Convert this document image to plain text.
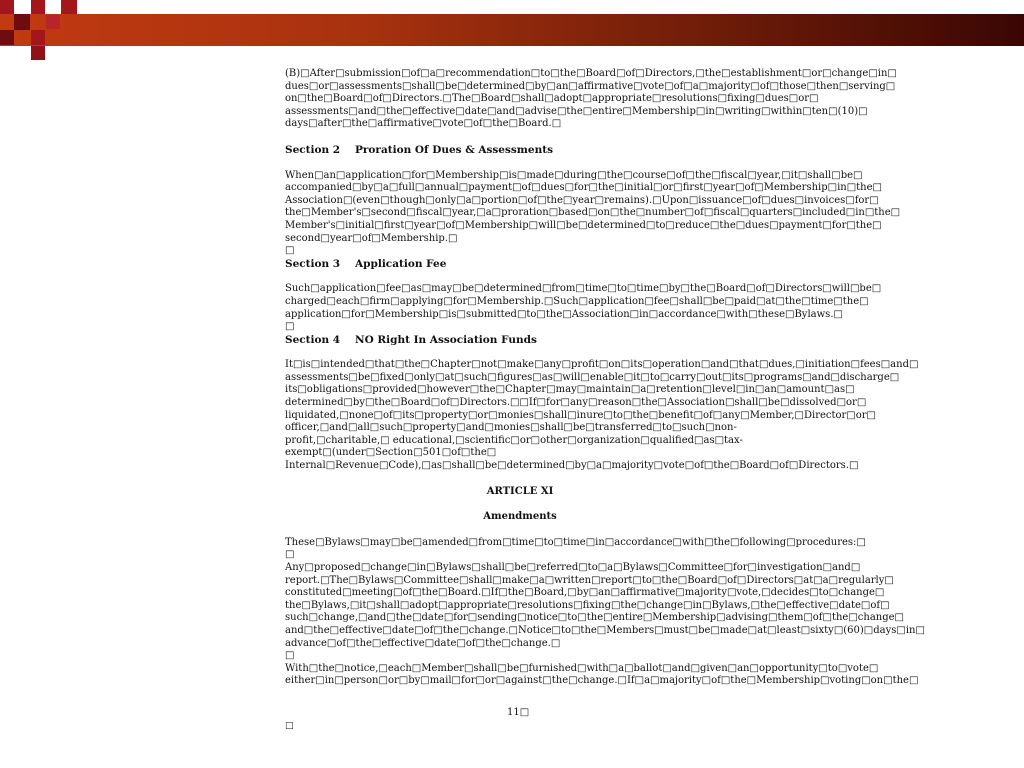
(B)□After□submission□of□a□recommendation□to□the□Board□of□Directors,□the□establishment□or□change□in□ dues□or□assessments□shall□be□determined□by□an□affirmative□vote□of□a□majority□of□those□then□serving□ on□the□Board□of□Directors.□The□Board□shall□adopt□appropriate□resolutions□fixing□dues□or□ assessments□and□the□effective□date□and□advise□the□entire□Membership□in□writing□within□ten□(10)□ days□after□the□affirmative□vote□of□the□Board.□

Section 2 Proration Of Dues & Assessments

When□an□application□for□Membership□is□made□during□the□course□of□the□fiscal□year,□it□shall□be□ accompanied□by□a□full□annual□payment□of□dues□for□the□initial□or□first□year□of□Membership□in□the□ Association□(even□though□only□a□portion□of□the□year□remains).□Upon□issuance□of□dues□invoices□for□ the□Member's□second□fiscal□year,□a□proration□based□on□the□number□of□fiscal□quarters□included□in□the□ Member's□initial□first□year□of□Membership□will□be□determined□to□reduce□the□dues□payment□for□the□ second□year□of□Membership.□

□

Section 3 Application Fee

Such□application□fee□as□may□be□determined□from□time□to□time□by□the□Board□of□Directors□will□be□ charged□each□firm□applying□for□Membership.□Such□application□fee□shall□be□paid□at□the□time□the□ application□for□Membership□is□submitted□to□the□Association□in□accordance□with□these□Bylaws.□

□

Section 4 NO Right In Association Funds

It□is□intended□that□the□Chapter□not□make□any□profit□on□its□operation□and□that□dues,□initiation□fees□and□ assessments□be□fixed□only□at□such□figures□as□will□enable□it□to□carry□out□its□programs□and□discharge□ its□obligations□provided□however□the□Chapter□may□maintain□a□retention□level□in□an□amount□as□ determined□by□the□Board□of□Directors.□□If□for□any□reason□the□Association□shall□be□dissolved□or□ liquidated,□none□of□its□property□or□monies□shall□inure□to□the□benefit□of□any□Member,□Director□or□ officer,□and□all□such□property□and□monies□shall□be□transferred□to□such□non-profit,□charitable,□ educational,□scientific□or□other□organization□qualified□as□tax-exempt□(under□Section□501□of□the□ Internal□Revenue□Code),□as□shall□be□determined□by□a□majority□vote□of□the□Board□of□Directors.□

ARTICLE XI

Amendments

These□Bylaws□may□be□amended□from□time□to□time□in□accordance□with□the□following□procedures:□

□

Any□proposed□change□in□Bylaws□shall□be□referred□to□a□Bylaws□Committee□for□investigation□and□ report.□The□Bylaws□Committee□shall□make□a□written□report□to□the□Board□of□Directors□at□a□regularly□ constituted□meeting□of□the□Board.□If□the□Board,□by□an□affirmative□majority□vote,□decides□to□change□ the□Bylaws,□it□shall□adopt□appropriate□resolutions□fixing□the□change□in□Bylaws,□the□effective□date□of□ such□change,□and□the□date□for□sending□notice□to□the□entire□Membership□advising□them□of□the□change□ and□the□effective□date□of□the□change.□Notice□to□the□Members□must□be□made□at□least□sixty□(60)□days□in□ advance□of□the□effective□date□of□the□change.□

□

With□the□notice,□each□Member□shall□be□furnished□with□a□ballot□and□given□an□opportunity□to□vote□ either□in□person□or□by□mail□for□or□against□the□change.□If□a□majority□of□the□Membership□voting□on□the□

11□
□
